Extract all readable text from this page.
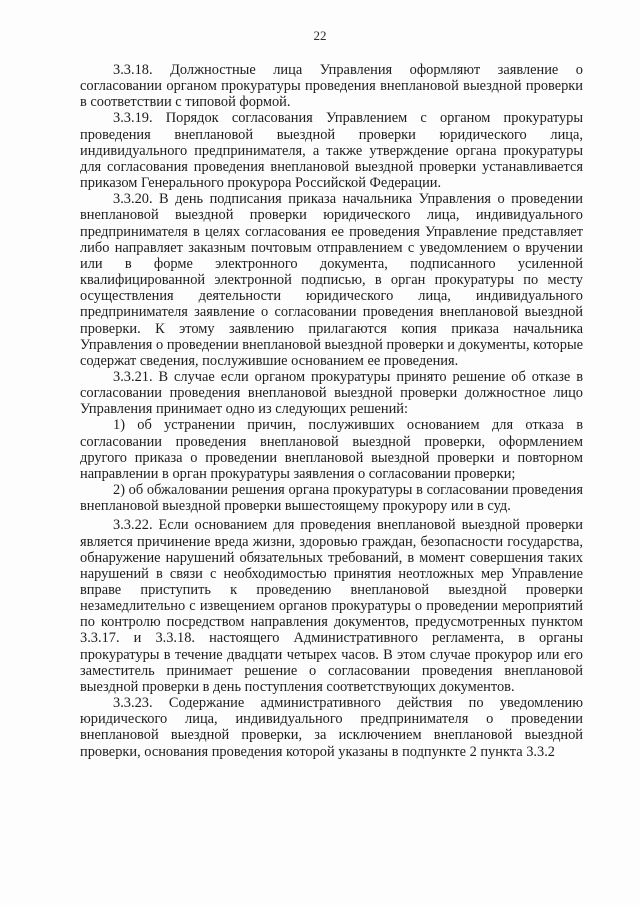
22

3.3.18. Должностные лица Управления оформляют заявление о согласовании органом прокуратуры проведения внеплановой выездной проверки в соответствии с типовой формой.

3.3.19. Порядок согласования Управлением с органом прокуратуры проведения внеплановой выездной проверки юридического лица, индивидуального предпринимателя, а также утверждение органа прокуратуры для согласования проведения внеплановой выездной проверки устанавливается приказом Генерального прокурора Российской Федерации.

3.3.20. В день подписания приказа начальника Управления о проведении внеплановой выездной проверки юридического лица, индивидуального предпринимателя в целях согласования ее проведения Управление представляет либо направляет заказным почтовым отправлением с уведомлением о вручении или в форме электронного документа, подписанного усиленной квалифицированной электронной подписью, в орган прокуратуры по месту осуществления деятельности юридического лица, индивидуального предпринимателя заявление о согласовании проведения внеплановой выездной проверки. К этому заявлению прилагаются копия приказа начальника Управления о проведении внеплановой выездной проверки и документы, которые содержат сведения, послужившие основанием ее проведения.

3.3.21. В случае если органом прокуратуры принято решение об отказе в согласовании проведения внеплановой выездной проверки должностное лицо Управления принимает одно из следующих решений:

1) об устранении причин, послуживших основанием для отказа в согласовании проведения внеплановой выездной проверки, оформлением другого приказа о проведении внеплановой выездной проверки и повторном направлении в орган прокуратуры заявления о согласовании проверки;

2) об обжаловании решения органа прокуратуры в согласовании проведения внеплановой выездной проверки вышестоящему прокурору или в суд.

3.3.22. Если основанием для проведения внеплановой выездной проверки является причинение вреда жизни, здоровью граждан, безопасности государства, обнаружение нарушений обязательных требований, в момент совершения таких нарушений в связи с необходимостью принятия неотложных мер Управление вправе приступить к проведению внеплановой выездной проверки незамедлительно с извещением органов прокуратуры о проведении мероприятий по контролю посредством направления документов, предусмотренных пунктом 3.3.17. и 3.3.18. настоящего Административного регламента, в органы прокуратуры в течение двадцати четырех часов. В этом случае прокурор или его заместитель принимает решение о согласовании проведения внеплановой выездной проверки в день поступления соответствующих документов.

3.3.23. Содержание административного действия по уведомлению юридического лица, индивидуального предпринимателя о проведении внеплановой выездной проверки, за исключением внеплановой выездной проверки, основания проведения которой указаны в подпункте 2 пункта 3.3.2
